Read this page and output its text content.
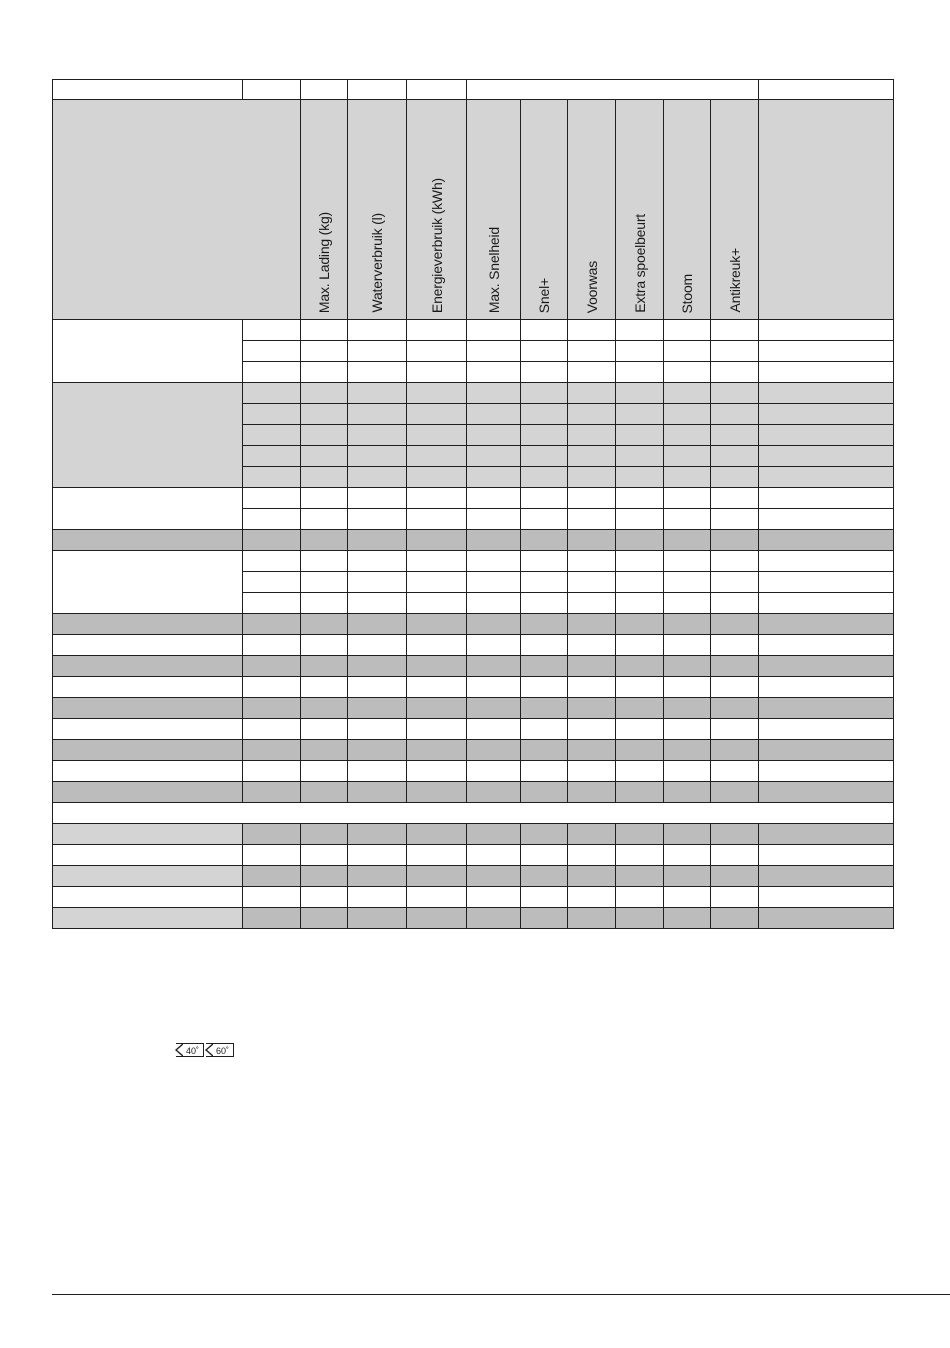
		Max. Lading (kg)	Waterverbruik (l)	Energieverbruik (kWh)	Max. Snelheid	Snel+	Voorwas	Extra spoelbeurt	Stoom	Antikreuk+	

40˚	60˚
